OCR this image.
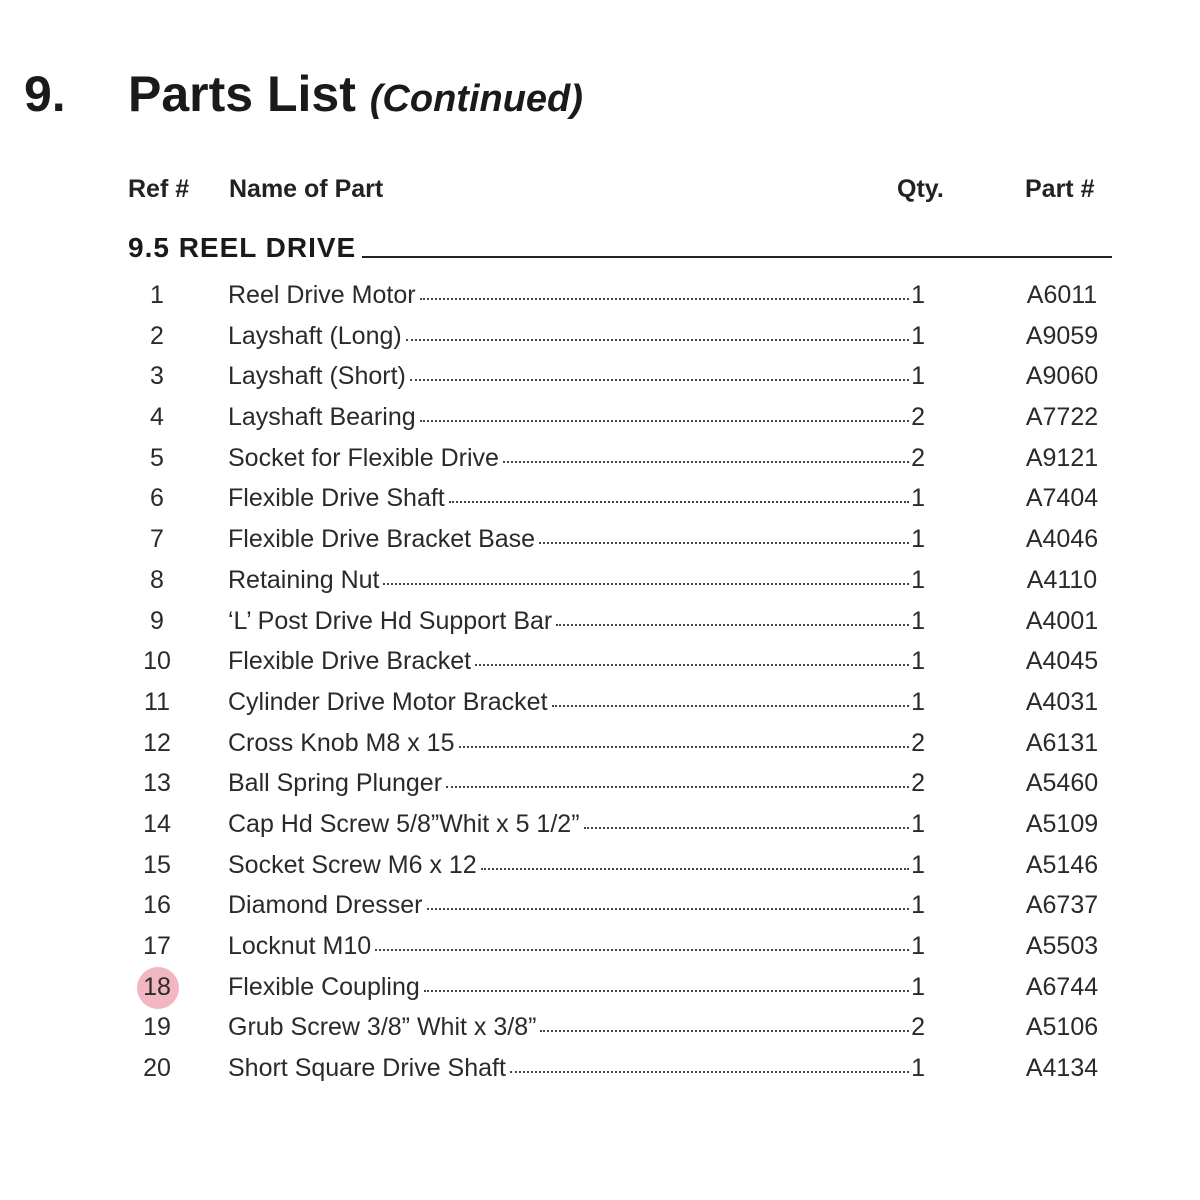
9. Parts List (Continued)
Ref # Name of Part	Qty.	Part #
9.5 REEL DRIVE
1	Reel Drive Motor	1	A6011
2	Layshaft (Long)	1	A9059
3	Layshaft (Short)	1	A9060
4	Layshaft Bearing	2	A7722
5	Socket for Flexible Drive	2	A9121
6	Flexible Drive Shaft	1	A7404
7	Flexible Drive Bracket Base	1	A4046
8	Retaining Nut	1	A4110
9	‘L’ Post Drive Hd Support Bar	1	A4001
10	Flexible Drive Bracket	1	A4045
11	Cylinder Drive Motor Bracket	1	A4031
12	Cross Knob M8 x 15	2	A6131
13	Ball Spring Plunger	2	A5460
14	Cap Hd Screw 5/8”Whit x 5 1/2”	1	A5109
15	Socket Screw M6 x 12	1	A5146
16	Diamond Dresser	1	A6737
17	Locknut M10	1	A5503
18	Flexible Coupling	1	A6744
19	Grub Screw 3/8” Whit x 3/8”	2	A5106
20	Short Square Drive Shaft	1	A4134
